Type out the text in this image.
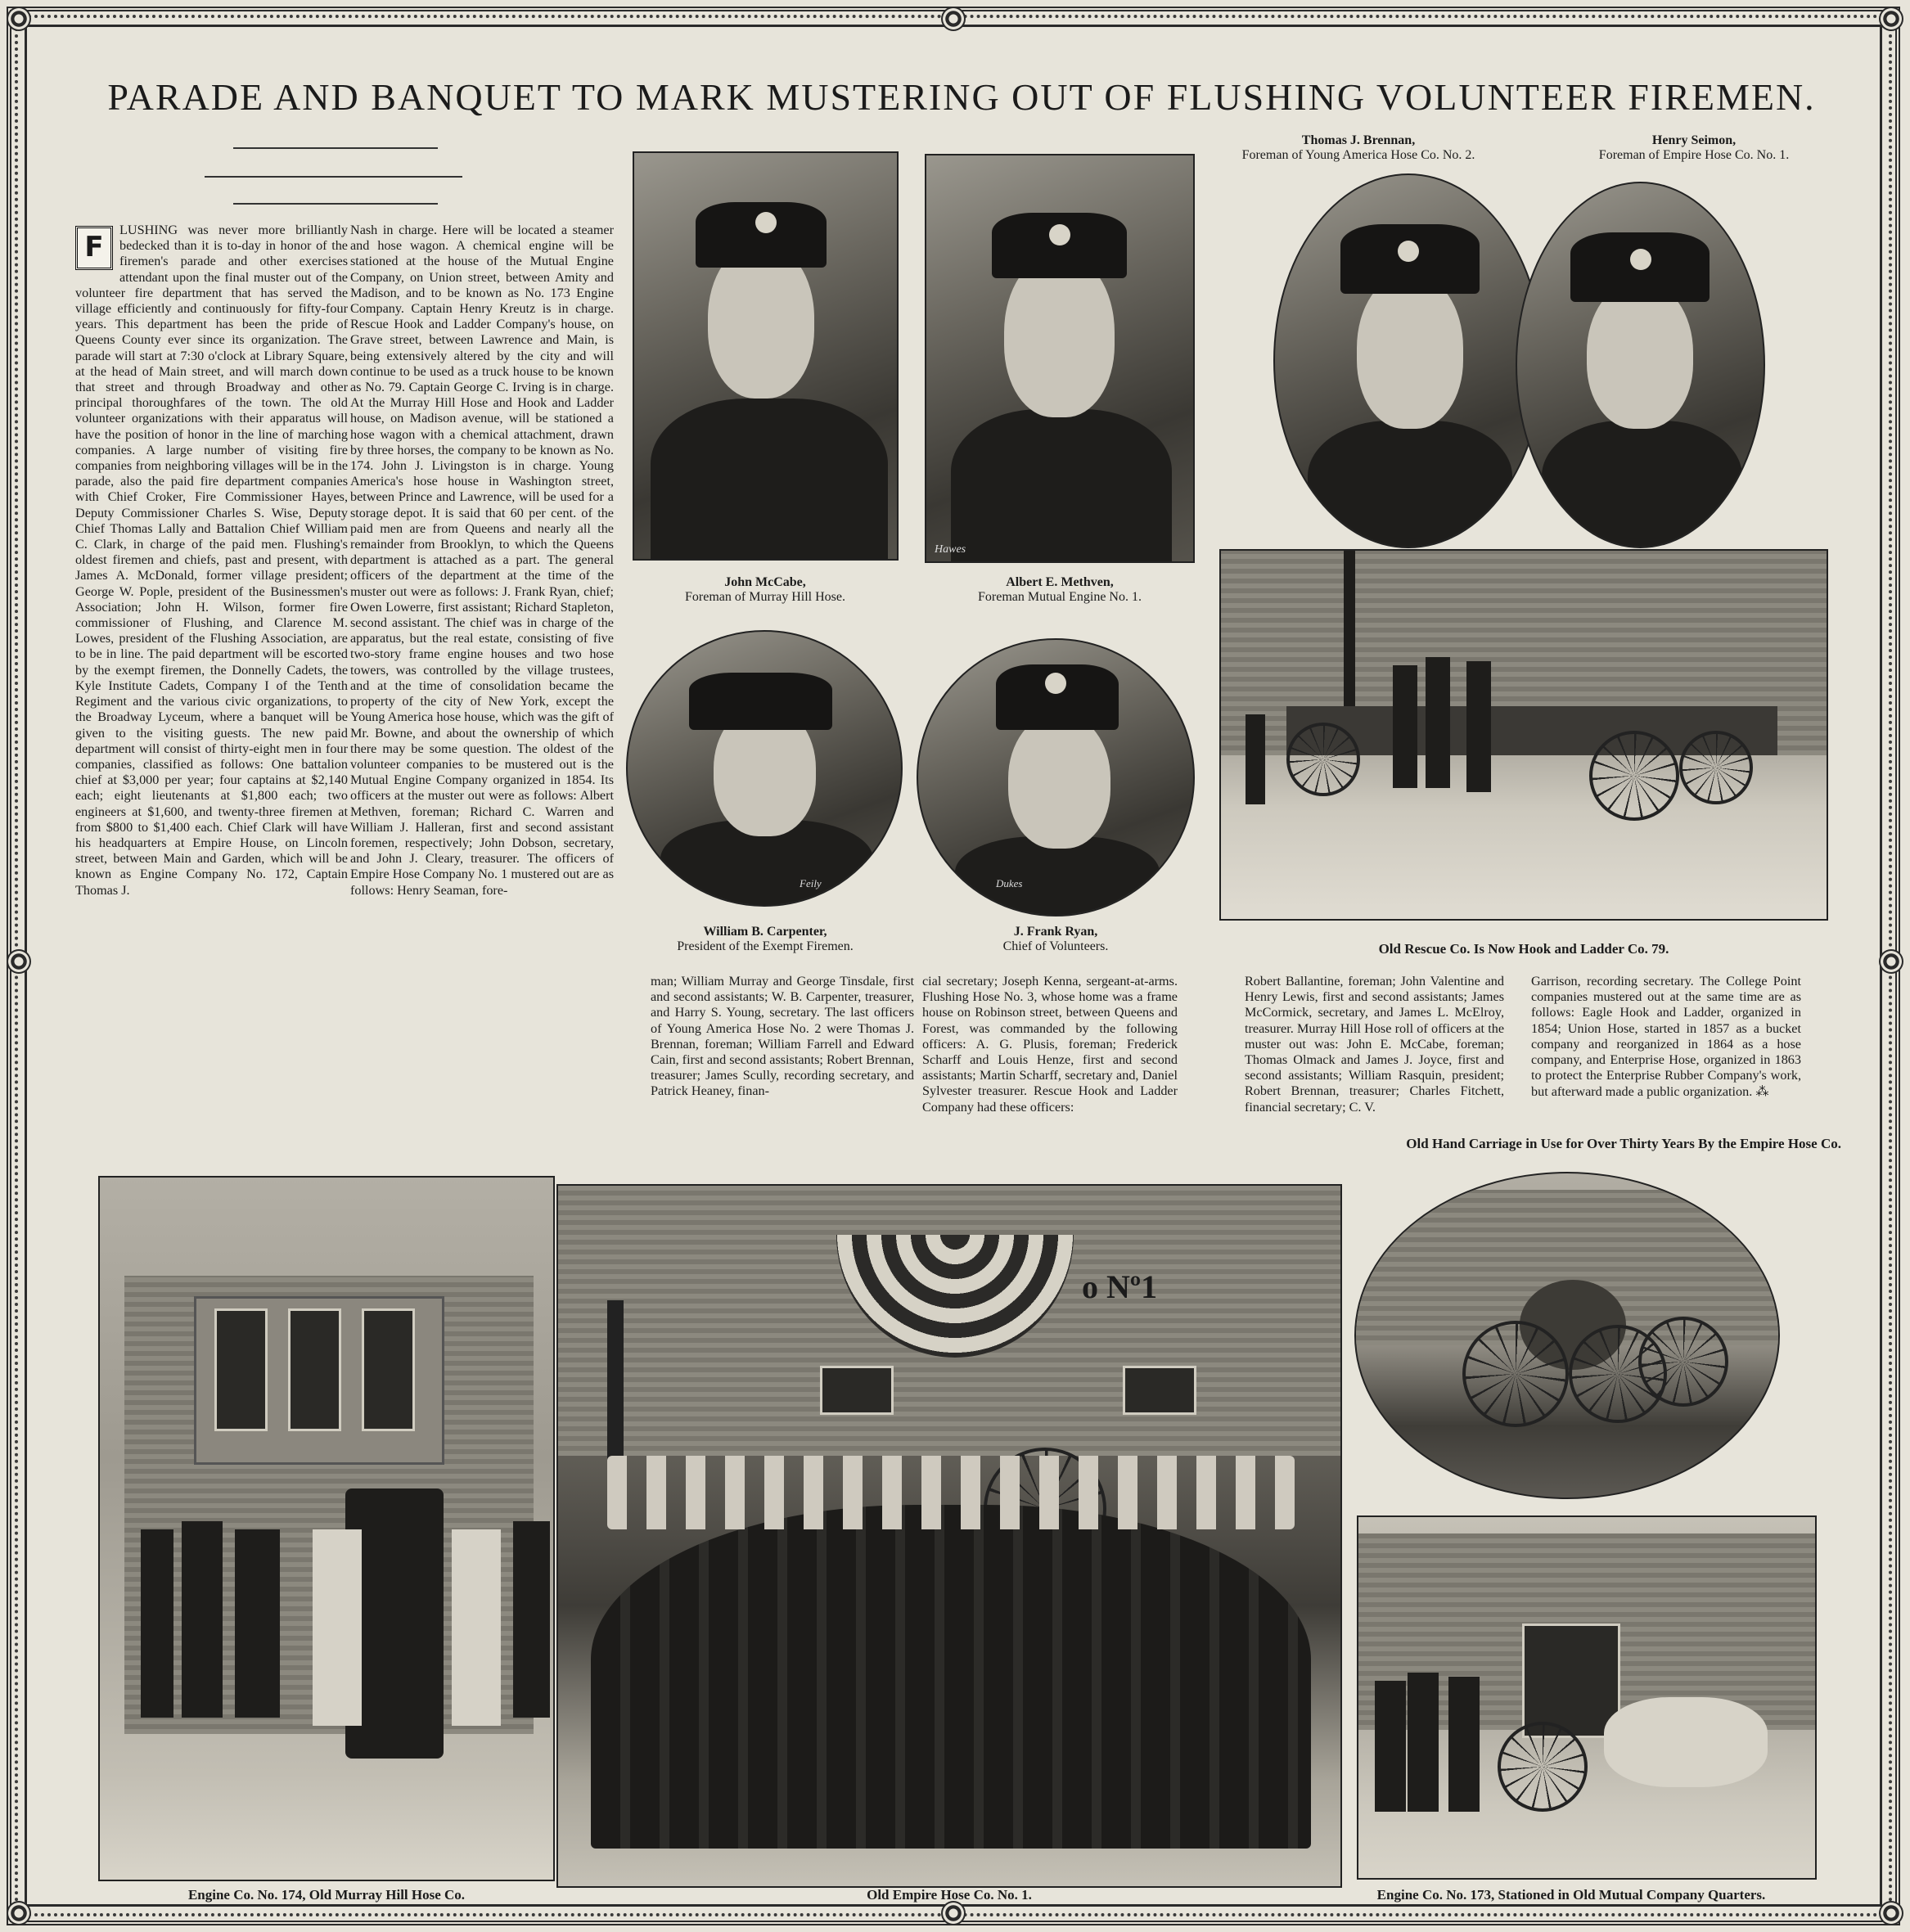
PARADE AND BANQUET TO MARK MUSTERING OUT OF FLUSHING VOLUNTEER FIREMEN.
F
LUSHING was never more brilliantly bedecked than it is to-day in honor of the firemen's parade and other exercises attendant upon the final muster out of the volunteer fire department that has served the village efficiently and continuously for fifty-four years. This department has been the pride of Queens County ever since its organization. The parade will start at 7:30 o'clock at Library Square, at the head of Main street, and will march down that street and through Broadway and other principal thoroughfares of the town. The old volunteer organizations with their apparatus will have the position of honor in the line of marching companies. A large number of visiting fire companies from neighboring villages will be in the parade, also the paid fire department companies with Chief Croker, Fire Commissioner Hayes, Deputy Commissioner Charles S. Wise, Deputy Chief Thomas Lally and Battalion Chief William C. Clark, in charge of the paid men. Flushing's oldest firemen and chiefs, past and present, with James A. McDonald, former village president; George W. Pople, president of the Businessmen's Association; John H. Wilson, former fire commissioner of Flushing, and Clarence M. Lowes, president of the Flushing Association, are to be in line. The paid department will be escorted by the exempt firemen, the Donnelly Cadets, the Kyle Institute Cadets, Company I of the Tenth Regiment and the various civic organizations, to the Broadway Lyceum, where a banquet will be given to the visiting guests. The new paid department will consist of thirty-eight men in four companies, classified as follows: One battalion chief at $3,000 per year; four captains at $2,140 each; eight lieutenants at $1,800 each; two engineers at $1,600, and twenty-three firemen at from $800 to $1,400 each. Chief Clark will have his headquarters at Empire House, on Lincoln street, between Main and Garden, which will be known as Engine Company No. 172, Captain Thomas J.
Nash in charge. Here will be located a steamer and hose wagon. A chemical engine will be stationed at the house of the Mutual Engine Company, on Union street, between Amity and Madison, and to be known as No. 173 Engine Company. Captain Henry Kreutz is in charge. Rescue Hook and Ladder Company's house, on Grave street, between Lawrence and Main, is being extensively altered by the city and will continue to be used as a truck house to be known as No. 79. Captain George C. Irving is in charge. At the Murray Hill Hose and Hook and Ladder house, on Madison avenue, will be stationed a hose wagon with a chemical attachment, drawn by three horses, the company to be known as No. 174. John J. Livingston is in charge. Young America's hose house in Washington street, between Prince and Lawrence, will be used for a storage depot. It is said that 60 per cent. of the paid men are from Queens and nearly all the remainder from Brooklyn, to which the Queens department is attached as a part. The general officers of the department at the time of the muster out were as follows: J. Frank Ryan, chief; Owen Lowerre, first assistant; Richard Stapleton, second assistant. The chief was in charge of the apparatus, but the real estate, consisting of five two-story frame engine houses and two hose towers, was controlled by the village trustees, and at the time of consolidation became the property of the city of New York, except the Young America hose house, which was the gift of Mr. Bowne, and about the ownership of which there may be some question. The oldest of the volunteer companies to be mustered out is the Mutual Engine Company organized in 1854. Its officers at the muster out were as follows: Albert Methven, foreman; Richard C. Warren and William J. Halleran, first and second assistant foremen, respectively; John Dobson, secretary, and John J. Cleary, treasurer. The officers of Empire Hose Company No. 1 mustered out are as follows: Henry Seaman, fore-
man; William Murray and George Tinsdale, first and second assistants; W. B. Carpenter, treasurer, and Harry S. Young, secretary. The last officers of Young America Hose No. 2 were Thomas J. Brennan, foreman; William Farrell and Edward Cain, first and second assistants; Robert Brennan, treasurer; James Scully, recording secretary, and Patrick Heaney, finan-
cial secretary; Joseph Kenna, sergeant-at-arms. Flushing Hose No. 3, whose home was a frame house on Robinson street, between Queens and Forest, was commanded by the following officers: A. G. Plusis, foreman; Frederick Scharff and Louis Henze, first and second assistants; Martin Scharff, secretary and, Daniel Sylvester treasurer. Rescue Hook and Ladder Company had these officers:
Robert Ballantine, foreman; John Valentine and Henry Lewis, first and second assistants; James McCormick, secretary, and James L. McElroy, treasurer. Murray Hill Hose roll of officers at the muster out was: John E. McCabe, foreman; Thomas Olmack and James J. Joyce, first and second assistants; William Rasquin, president; Robert Brennan, treasurer; Charles Fitchett, financial secretary; C. V.
Garrison, recording secretary. The College Point companies mustered out at the same time are as follows: Eagle Hook and Ladder, organized in 1854; Union Hose, started in 1857 as a bucket company and reorganized in 1864 as a hose company, and Enterprise Hose, organized in 1863 to protect the Enterprise Rubber Company's work, but afterward made a public organization. ⁂
John McCabe,
Foreman of Murray Hill Hose.
Hawes
Albert E. Methven,
Foreman Mutual Engine No. 1.
Thomas J. Brennan,
Foreman of Young America Hose Co. No. 2.
Henry Seimon,
Foreman of Empire Hose Co. No. 1.
Feily
William B. Carpenter,
President of the Exempt Firemen.
Dukes
J. Frank Ryan,
Chief of Volunteers.	Old Rescue Co. Is Now Hook and Ladder Co. 79.
Old Hand Carriage in Use for Over Thirty Years By the Empire Hose Co.
Engine Co. No. 174, Old Murray Hill Hose Co.
o Nº1
Old Empire Hose Co. No. 1.	Engine Co. No. 173, Stationed in Old Mutual Company Quarters.
